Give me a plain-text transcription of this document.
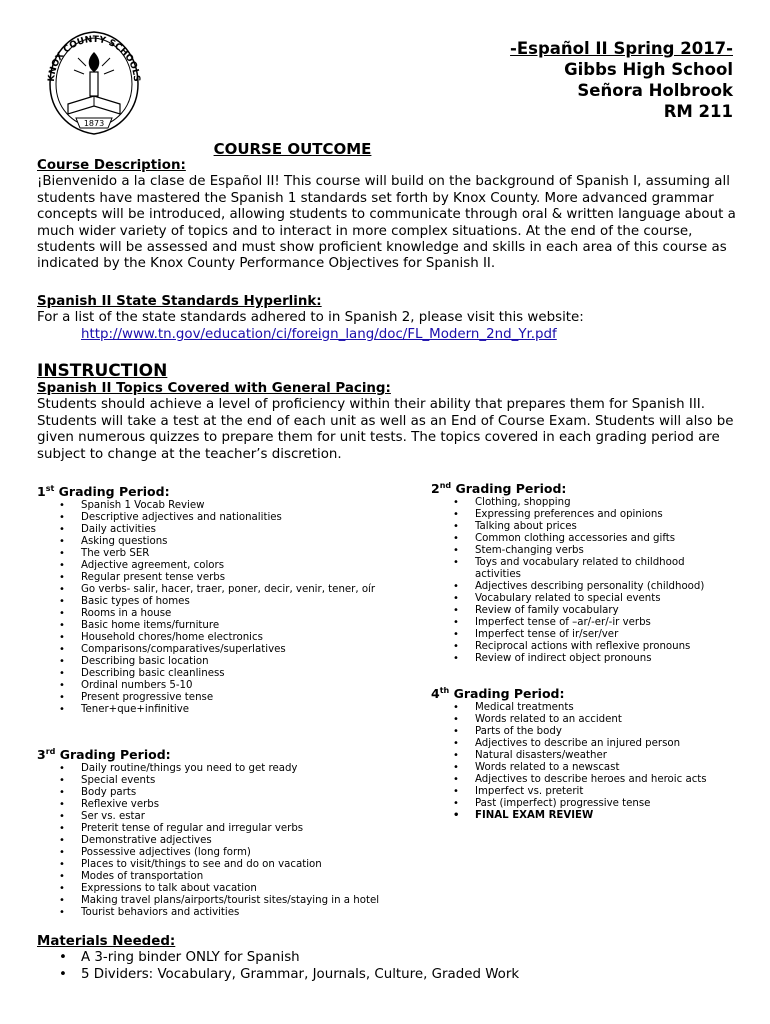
KNOX COUNTY SCHOOLS
1873
-Español II Spring 2017-
Gibbs High School
Señora Holbrook
RM 211
COURSE OUTCOME
Course Description:
¡Bienvenido a la clase de Español II! This course will build on the background of Spanish I, assuming all students have mastered the Spanish 1 standards set forth by Knox County. More advanced grammar concepts will be introduced, allowing students to communicate through oral & written language about a much wider variety of topics and to interact in more complex situations. At the end of the course, students will be assessed and must show proficient knowledge and skills in each area of this course as indicated by the Knox County Performance Objectives for Spanish II.
Spanish II State Standards Hyperlink:
For a list of the state standards adhered to in Spanish 2, please visit this website:
http://www.tn.gov/education/ci/foreign_lang/doc/FL_Modern_2nd_Yr.pdf
INSTRUCTION
Spanish II Topics Covered with General Pacing:
Students should achieve a level of proficiency within their ability that prepares them for Spanish III. Students will take a test at the end of each unit as well as an End of Course Exam. Students will also be given numerous quizzes to prepare them for unit tests. The topics covered in each grading period are subject to change at the teacher’s discretion.
1st Grading Period:
• Spanish 1 Vocab Review
• Descriptive adjectives and nationalities
• Daily activities
• Asking questions
• The verb SER
• Adjective agreement, colors
• Regular present tense verbs
• Go verbs- salir, hacer, traer, poner, decir, venir, tener, oír
• Basic types of homes
• Rooms in a house
• Basic home items/furniture
• Household chores/home electronics
• Comparisons/comparatives/superlatives
• Describing basic location
• Describing basic cleanliness
• Ordinal numbers 5-10
• Present progressive tense
• Tener+que+infinitive
3rd Grading Period:
• Daily routine/things you need to get ready
• Special events
• Body parts
• Reflexive verbs
• Ser vs. estar
• Preterit tense of regular and irregular verbs
• Demonstrative adjectives
• Possessive adjectives (long form)
• Places to visit/things to see and do on vacation
• Modes of transportation
• Expressions to talk about vacation
• Making travel plans/airports/tourist sites/staying in a hotel
• Tourist behaviors and activities
2nd Grading Period:
• Clothing, shopping
• Expressing preferences and opinions
• Talking about prices
• Common clothing accessories and gifts
• Stem-changing verbs
• Toys and vocabulary related to childhood activities
• Adjectives describing personality (childhood)
• Vocabulary related to special events
• Review of family vocabulary
• Imperfect tense of –ar/-er/-ir verbs
• Imperfect tense of ir/ser/ver
• Reciprocal actions with reflexive pronouns
• Review of indirect object pronouns
4th Grading Period:
• Medical treatments
• Words related to an accident
• Parts of the body
• Adjectives to describe an injured person
• Natural disasters/weather
• Words related to a newscast
• Adjectives to describe heroes and heroic acts
• Imperfect vs. preterit
• Past (imperfect) progressive tense
• FINAL EXAM REVIEW
Materials Needed:
• A 3-ring binder ONLY for Spanish
• 5 Dividers: Vocabulary, Grammar, Journals, Culture, Graded Work
